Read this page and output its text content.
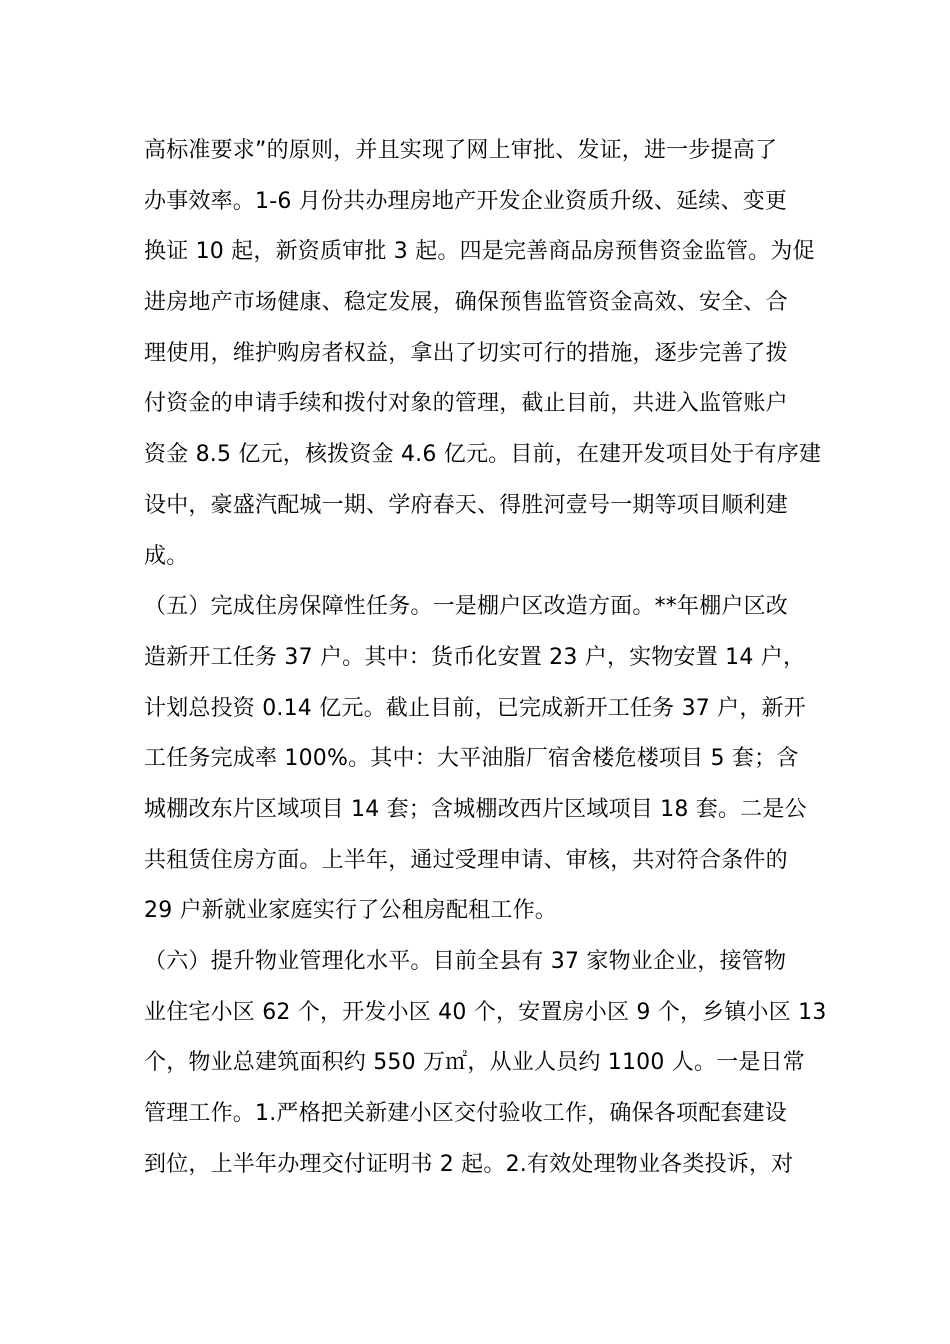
高标准要求”的原则，并且实现了网上审批、发证，进一步提高了
办事效率。1-6 月份共办理房地产开发企业资质升级、延续、变更
换证 10 起，新资质审批 3 起。四是完善商品房预售资金监管。为促
进房地产市场健康、稳定发展，确保预售监管资金高效、安全、合
理使用，维护购房者权益，拿出了切实可行的措施，逐步完善了拨
付资金的申请手续和拨付对象的管理，截止目前，共进入监管账户
资金 8.5 亿元，核拨资金 4.6 亿元。目前，在建开发项目处于有序建
设中，豪盛汽配城一期、学府春天、得胜河壹号一期等项目顺利建
成。
（五）完成住房保障性任务。一是棚户区改造方面。**年棚户区改
造新开工任务 37 户。其中：货币化安置 23 户，实物安置 14 户，
计划总投资 0.14 亿元。截止目前，已完成新开工任务 37 户，新开
工任务完成率 100%。其中：大平油脂厂宿舍楼危楼项目 5 套；含
城棚改东片区域项目 14 套；含城棚改西片区域项目 18 套。二是公
共租赁住房方面。上半年，通过受理申请、审核，共对符合条件的
29 户新就业家庭实行了公租房配租工作。
（六）提升物业管理化水平。目前全县有 37 家物业企业，接管物
业住宅小区 62 个，开发小区 40 个，安置房小区 9 个，乡镇小区 13
个，物业总建筑面积约 550 万㎡，从业人员约 1100 人。一是日常
管理工作。1.严格把关新建小区交付验收工作，确保各项配套建设
到位，上半年办理交付证明书 2 起。2.有效处理物业各类投诉，对
